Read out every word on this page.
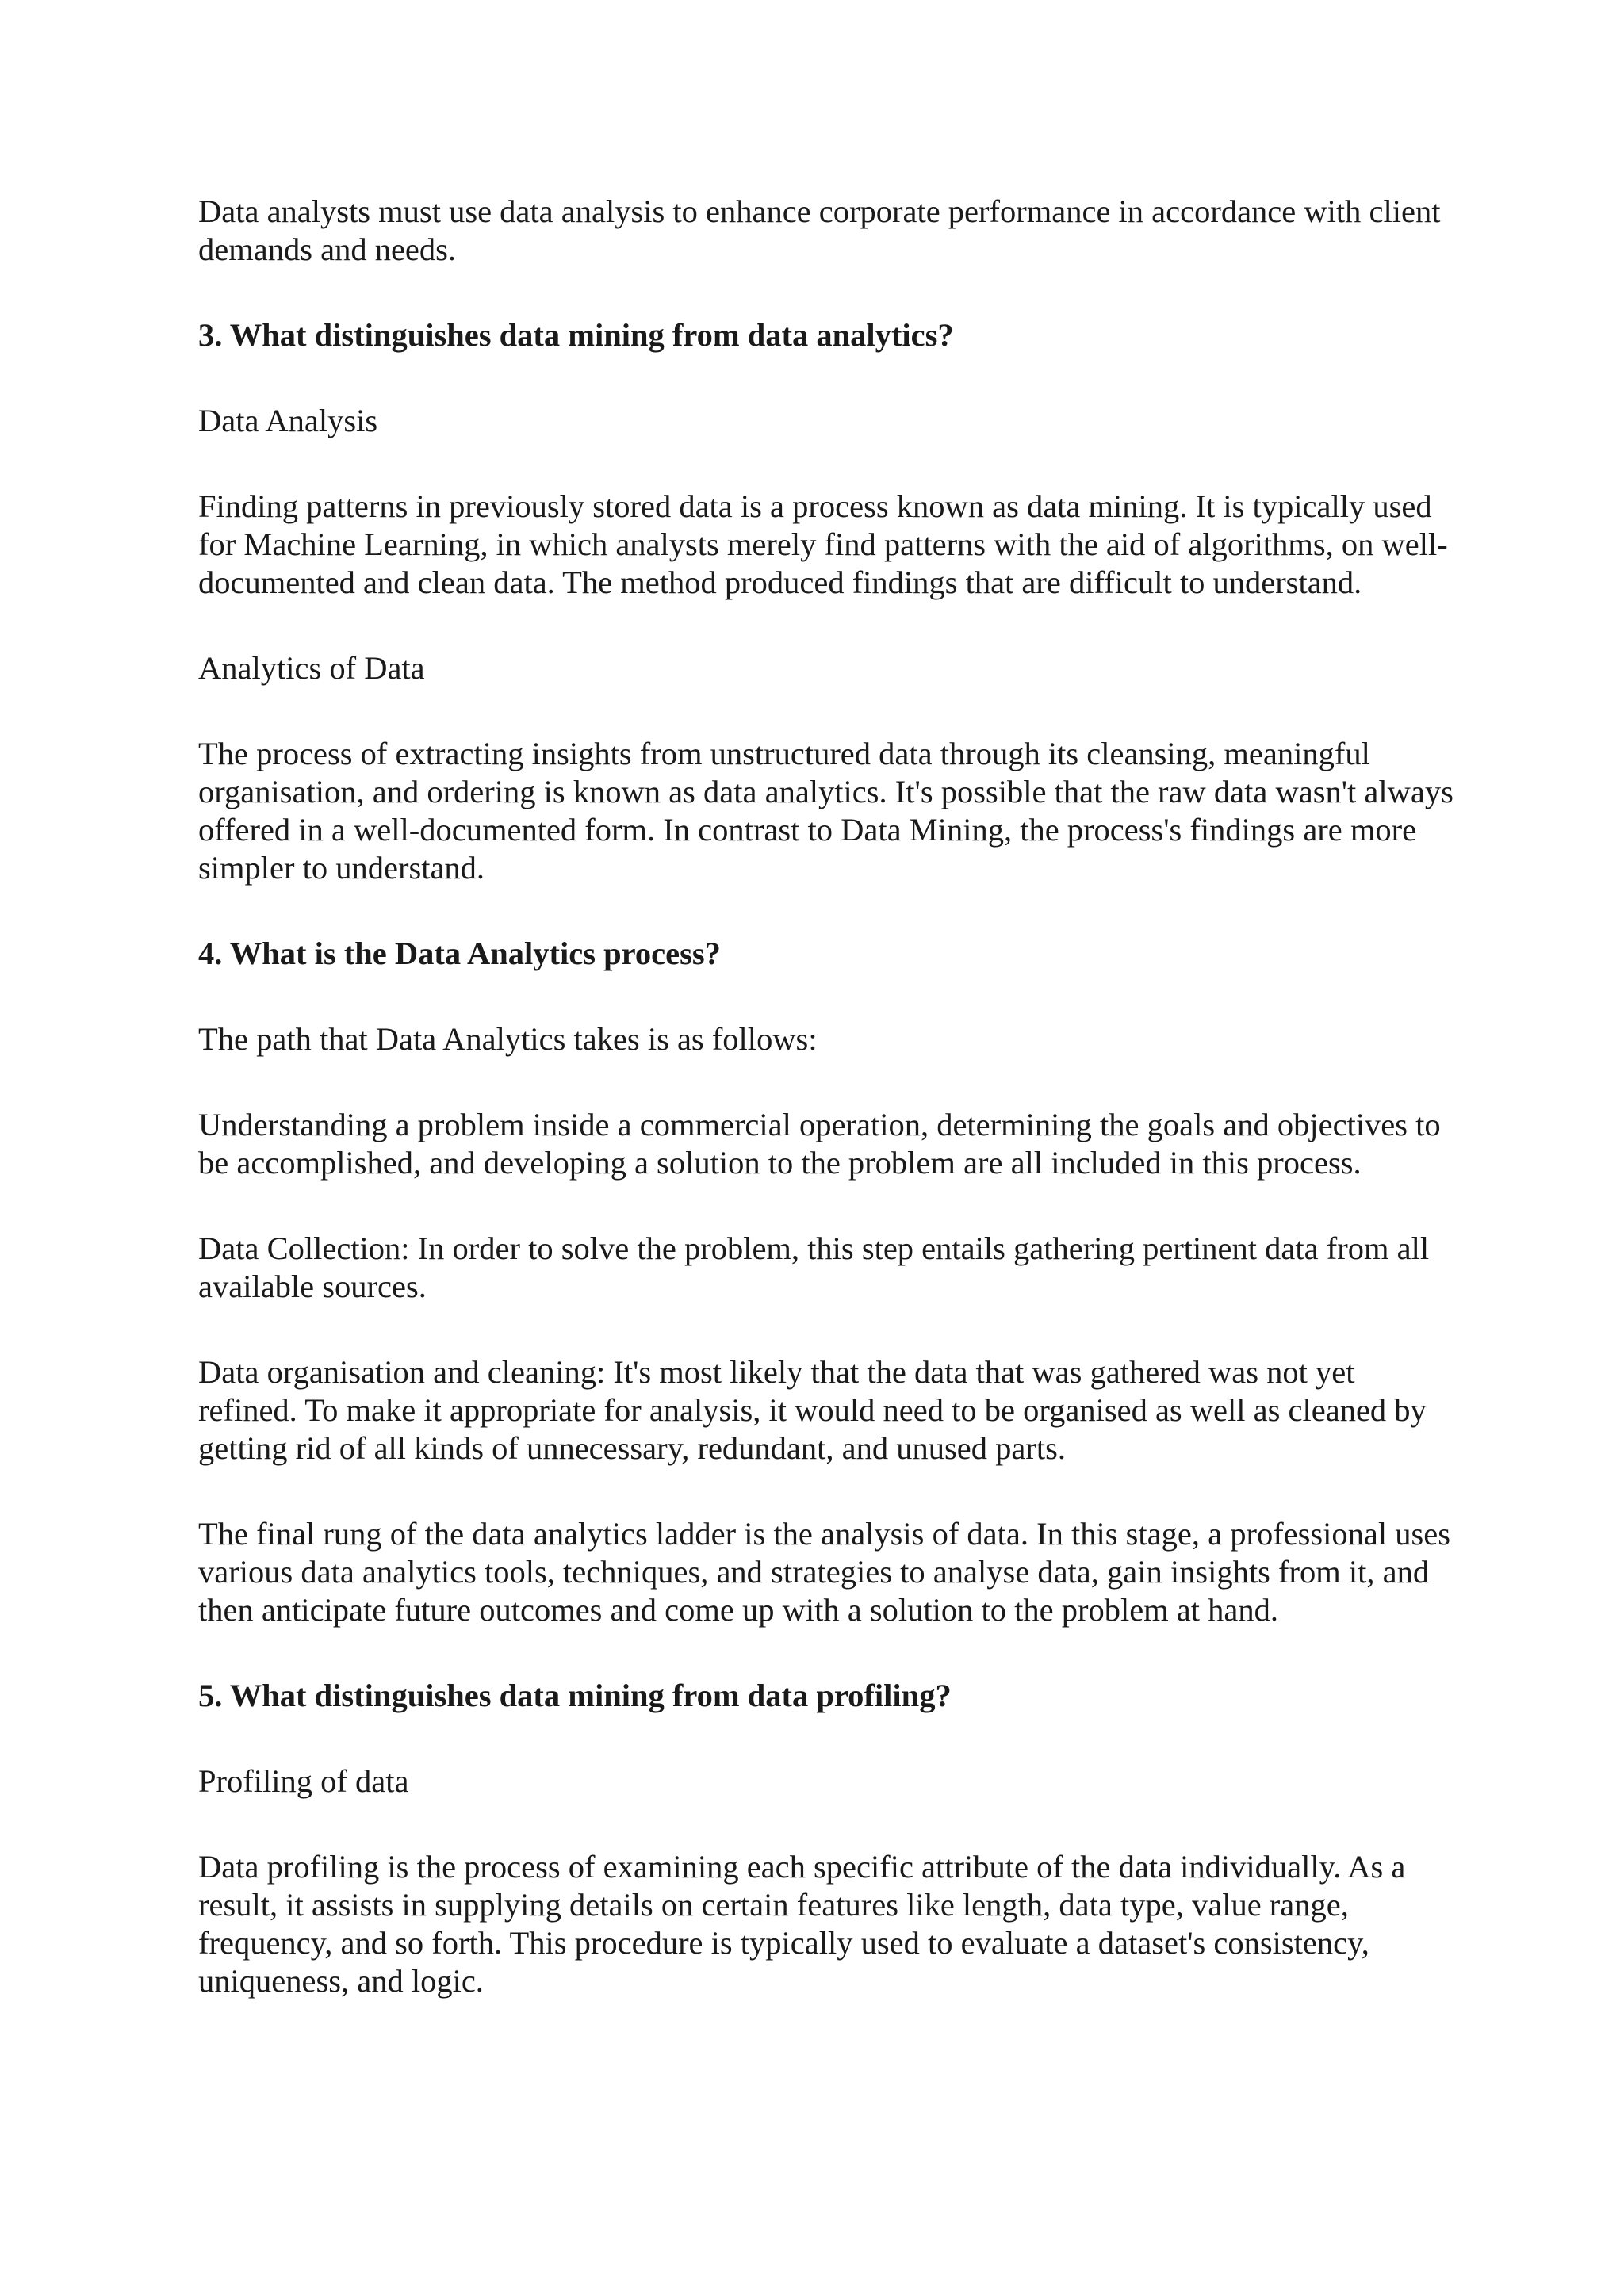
Data analysts must use data analysis to enhance corporate performance in accordance with client demands and needs.

3. What distinguishes data mining from data analytics?

Data Analysis

Finding patterns in previously stored data is a process known as data mining. It is typically used for Machine Learning, in which analysts merely find patterns with the aid of algorithms, on well-documented and clean data. The method produced findings that are difficult to understand.

Analytics of Data

The process of extracting insights from unstructured data through its cleansing, meaningful organisation, and ordering is known as data analytics. It's possible that the raw data wasn't always offered in a well-documented form. In contrast to Data Mining, the process's findings are more simpler to understand.

4. What is the Data Analytics process?

The path that Data Analytics takes is as follows:

Understanding a problem inside a commercial operation, determining the goals and objectives to be accomplished, and developing a solution to the problem are all included in this process.

Data Collection: In order to solve the problem, this step entails gathering pertinent data from all available sources.

Data organisation and cleaning: It's most likely that the data that was gathered was not yet refined. To make it appropriate for analysis, it would need to be organised as well as cleaned by getting rid of all kinds of unnecessary, redundant, and unused parts.

The final rung of the data analytics ladder is the analysis of data. In this stage, a professional uses various data analytics tools, techniques, and strategies to analyse data, gain insights from it, and then anticipate future outcomes and come up with a solution to the problem at hand.

5. What distinguishes data mining from data profiling?

Profiling of data

Data profiling is the process of examining each specific attribute of the data individually. As a result, it assists in supplying details on certain features like length, data type, value range, frequency, and so forth. This procedure is typically used to evaluate a dataset's consistency, uniqueness, and logic.
